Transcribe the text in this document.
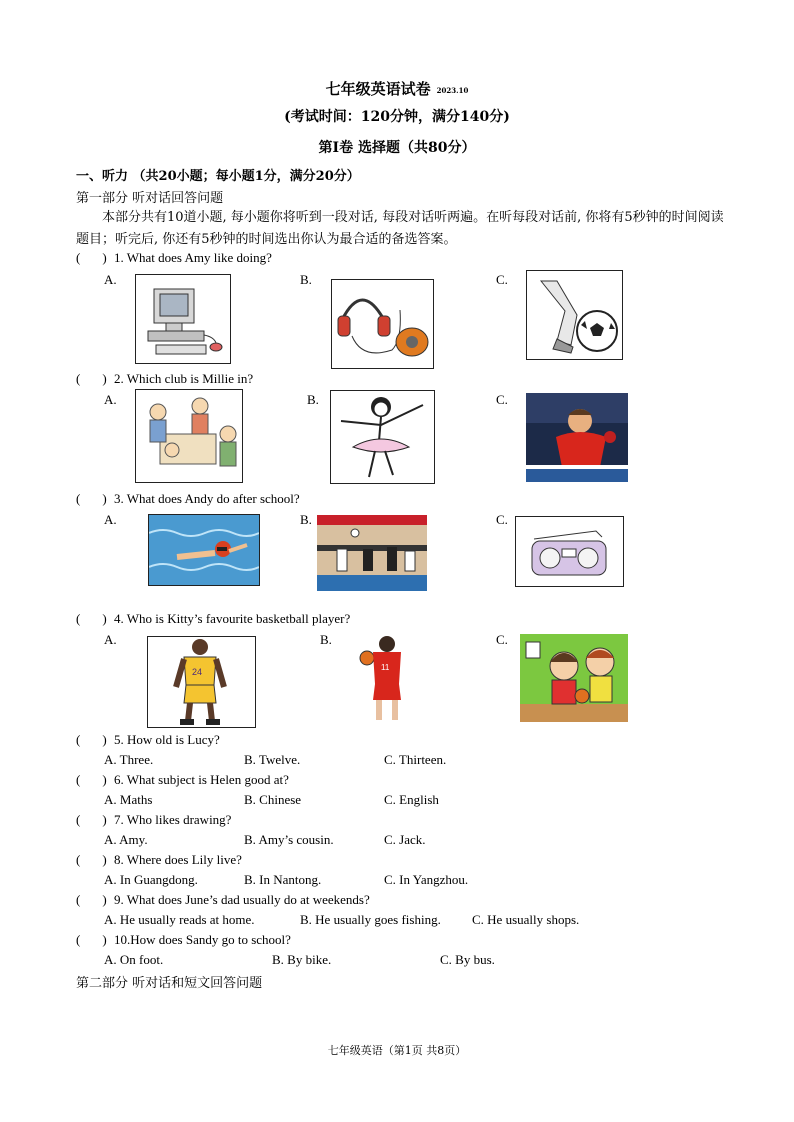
七年级英语试卷 2023.10
(考试时间：120分钟，满分140分)
第Ⅰ卷 选择题（共80分）
一、听力 （共20小题；每小题1分，满分20分）
第一部分 听对话回答问题
本部分共有10道小题, 每小题你将听到一段对话, 每段对话听两遍。在听每段对话前, 你将有5秒钟的时间阅读题目；听完后, 你还有5秒钟的时间选出你认为最合适的备选答案。
( ) 1. What does Amy like doing?
A.	B.	C.
( ) 2. Which club is Millie in?
A.	B.	C.
( ) 3. What does Andy do after school?
A.	B.	C.
( ) 4. Who is Kitty’s favourite basketball player?
A.	B.	C.
24	11
( ) 5. How old is Lucy?
A. Three.	B. Twelve.	C. Thirteen.
( ) 6. What subject is Helen good at?
A. Maths	B. Chinese	C. English
( ) 7. Who likes drawing?
A. Amy.	B. Amy’s cousin.	C. Jack.
( ) 8. Where does Lily live?
A. In Guangdong.	B. In Nantong.	C. In Yangzhou.
( ) 9. What does June’s dad usually do at weekends?
A. He usually reads at home.	B. He usually goes fishing. C. He usually shops.
( ) 10.How does Sandy go to school?
A. On foot.	B. By bike.	C. By bus.
第二部分 听对话和短文回答问题
七年级英语（第1页 共8页）
